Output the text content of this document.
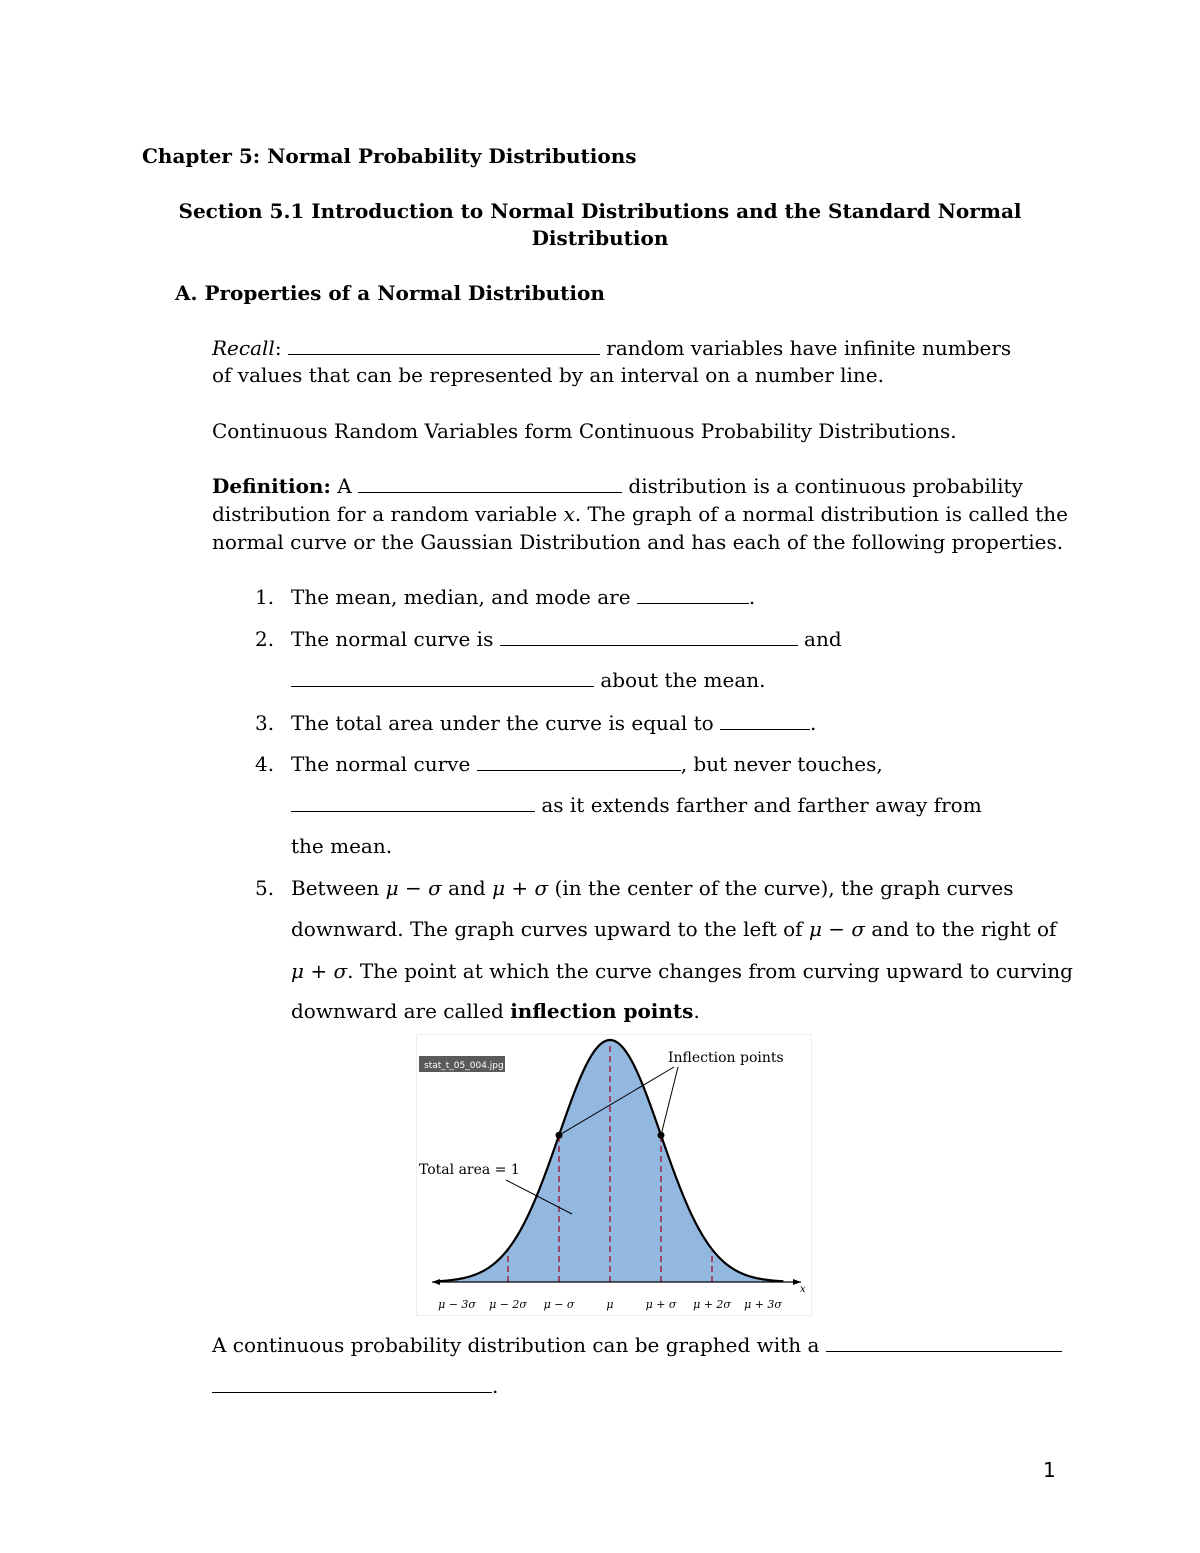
Chapter 5: Normal Probability Distributions
Section 5.1 Introduction to Normal Distributions and the Standard Normal
Distribution
A. Properties of a Normal Distribution
Recall:	random variables have infinite numbers
of values that can be represented by an interval on a number line.
Continuous Random Variables form Continuous Probability Distributions.
Definition: A	distribution is a continuous probability
distribution for a random variable x. The graph of a normal distribution is called the
normal curve or the Gaussian Distribution and has each of the following properties.
1. The mean, median, and mode are	.
2. The normal curve is	and
about the mean.
3. The total area under the curve is equal to	.
4. The normal curve	, but never touches,
as it extends farther and farther away from
the mean.
5. Between μ − σ and μ + σ (in the center of the curve), the graph curves
downward. The graph curves upward to the left of μ − σ and to the right of
μ + σ. The point at which the curve changes from curving upward to curving
downward are called inflection points.
stat_t_05_004.jpg
x
μ − 3σ μ − 2σ μ − σ	μ	μ + σ μ + 2σ μ + 3σ
Inflection points
Total area = 1
A continuous probability distribution can be graphed with a
.
1
